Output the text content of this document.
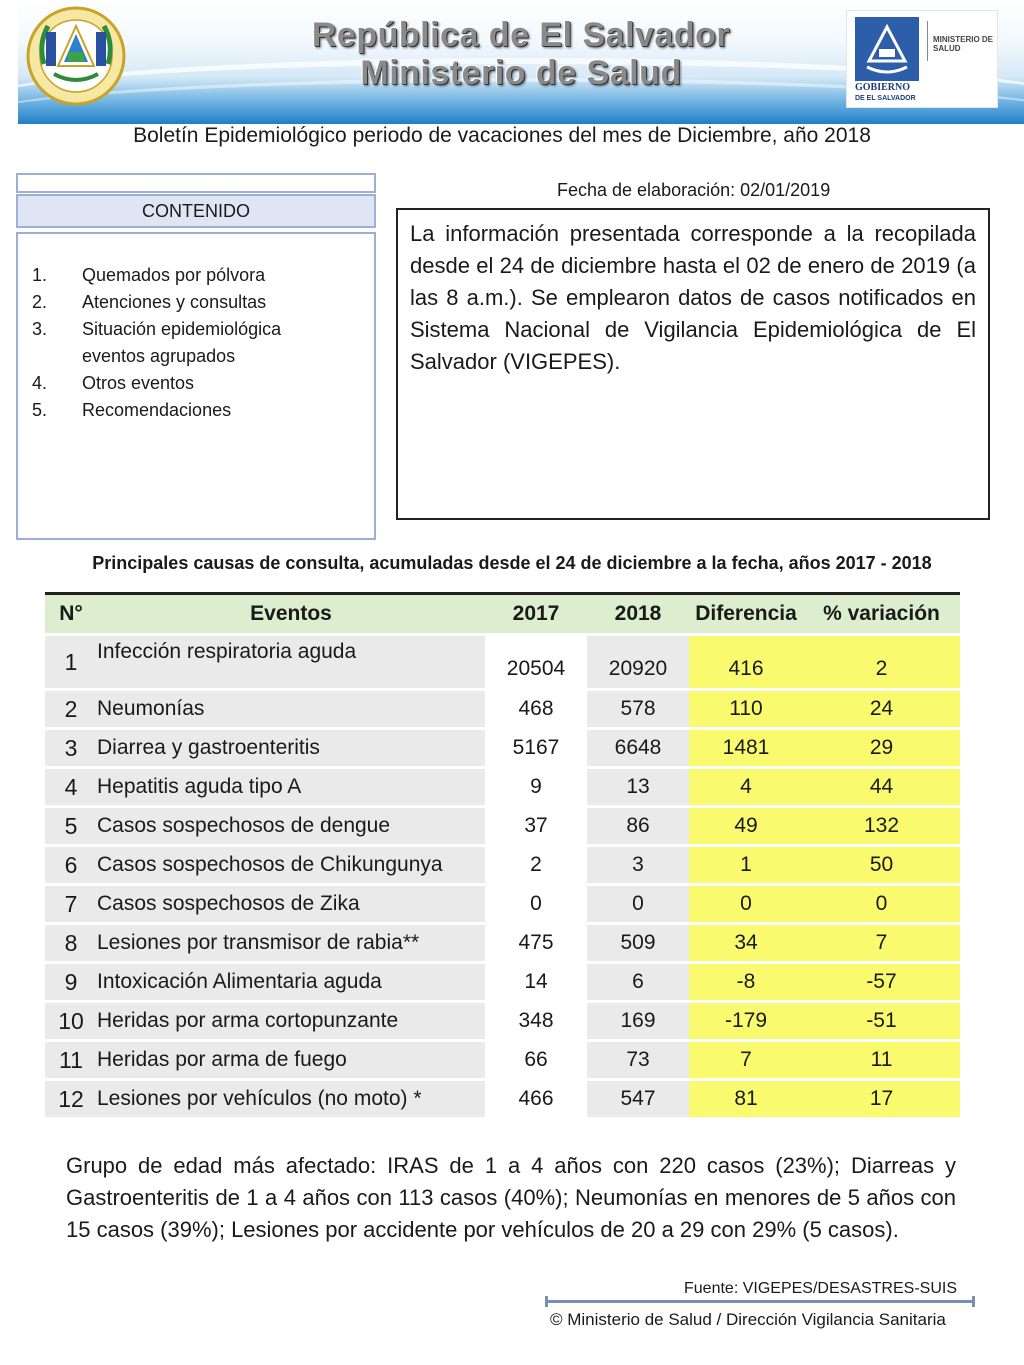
República de El Salvador
Ministerio de Salud
MINISTERIO DE SALUD
GOBIERNO
DE EL SALVADOR
Boletín Epidemiológico periodo de vacaciones del mes de Diciembre, año 2018
CONTENIDO
1.	Quemados por pólvora
2.	Atenciones y consultas
3.	Situación epidemiológica eventos agrupados
4.	Otros eventos
5.	Recomendaciones
Fecha de elaboración: 02/01/2019
La información presentada corresponde a la recopilada desde el 24 de diciembre hasta el 02 de enero de 2019 (a las 8 a.m.). Se emplearon datos de casos notificados en Sistema Nacional de Vigilancia Epidemiológica de El Salvador (VIGEPES).
Principales causas de consulta, acumuladas desde el 24 de diciembre a la fecha, años 2017 - 2018
N°	Eventos	2017	2018	Diferencia	% variación
1	Infección respiratoria aguda	20504	20920	416	2
2	Neumonías	468	578	110	24
3	Diarrea y gastroenteritis	5167	6648	1481	29
4	Hepatitis aguda tipo A	9	13	4	44
5	Casos sospechosos de dengue	37	86	49	132
6	Casos sospechosos de Chikungunya	2	3	1	50
7	Casos sospechosos de Zika	0	0	0	0
8	Lesiones por transmisor de rabia**	475	509	34	7
9	Intoxicación Alimentaria aguda	14	6	-8	-57
10	Heridas por arma cortopunzante	348	169	-179	-51
11	Heridas por arma de fuego	66	73	7	11
12	Lesiones por vehículos (no moto) *	466	547	81	17
Grupo de edad más afectado: IRAS de 1 a 4 años con 220 casos (23%); Diarreas y Gastroenteritis de 1 a 4 años con 113 casos (40%); Neumonías en menores de 5 años con 15 casos (39%); Lesiones por accidente por vehículos de 20 a 29 con 29% (5 casos).
Fuente: VIGEPES/DESASTRES-SUIS
© Ministerio de Salud / Dirección Vigilancia Sanitaria
